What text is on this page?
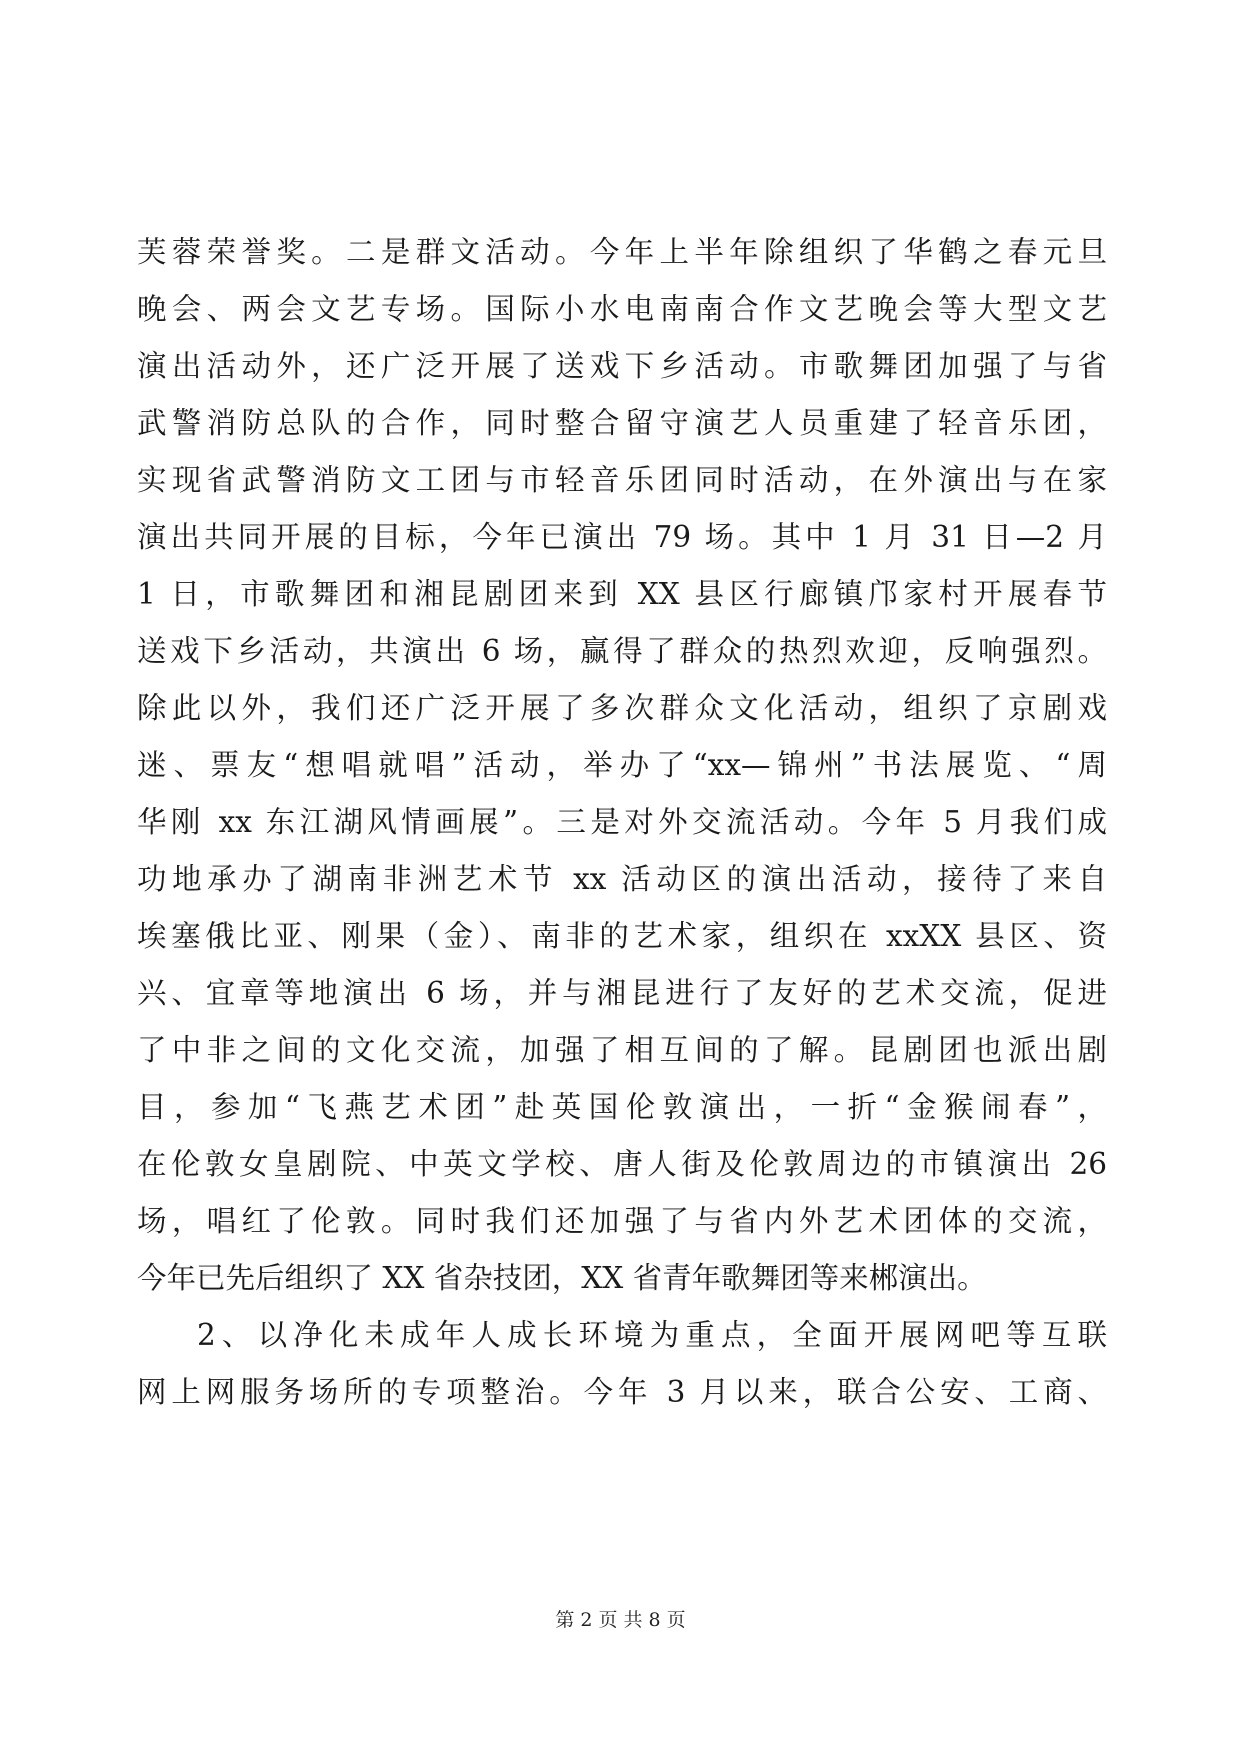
芙蓉荣誉奖。二是群文活动。今年上半年除组织了华鹤之春元旦
晚会、两会文艺专场。国际小水电南南合作文艺晚会等大型文艺
演出活动外，还广泛开展了送戏下乡活动。市歌舞团加强了与省
武警消防总队的合作，同时整合留守演艺人员重建了轻音乐团，
实现省武警消防文工团与市轻音乐团同时活动，在外演出与在家
演出共同开展的目标，今年已演出 79 场。其中 1 月 31 日—2 月
1 日，市歌舞团和湘昆剧团来到 XX 县区行廊镇邝家村开展春节
送戏下乡活动，共演出 6 场，赢得了群众的热烈欢迎，反响强烈。
除此以外，我们还广泛开展了多次群众文化活动，组织了京剧戏
迷、票友“想唱就唱”活动，举办了“xx—锦州”书法展览、“周
华刚 xx 东江湖风情画展”。三是对外交流活动。今年 5 月我们成
功地承办了湖南非洲艺术节 xx 活动区的演出活动，接待了来自
埃塞俄比亚、刚果（金）、南非的艺术家，组织在 xxXX 县区、资
兴、宜章等地演出 6 场，并与湘昆进行了友好的艺术交流，促进
了中非之间的文化交流，加强了相互间的了解。昆剧团也派出剧
目，参加“飞燕艺术团”赴英国伦敦演出，一折“金猴闹春”，
在伦敦女皇剧院、中英文学校、唐人街及伦敦周边的市镇演出 26
场，唱红了伦敦。同时我们还加强了与省内外艺术团体的交流，
今年已先后组织了 XX 省杂技团，XX 省青年歌舞团等来郴演出。
2、以净化未成年人成长环境为重点，全面开展网吧等互联
网上网服务场所的专项整治。今年 3 月以来，联合公安、工商、
第 2 页 共 8 页
